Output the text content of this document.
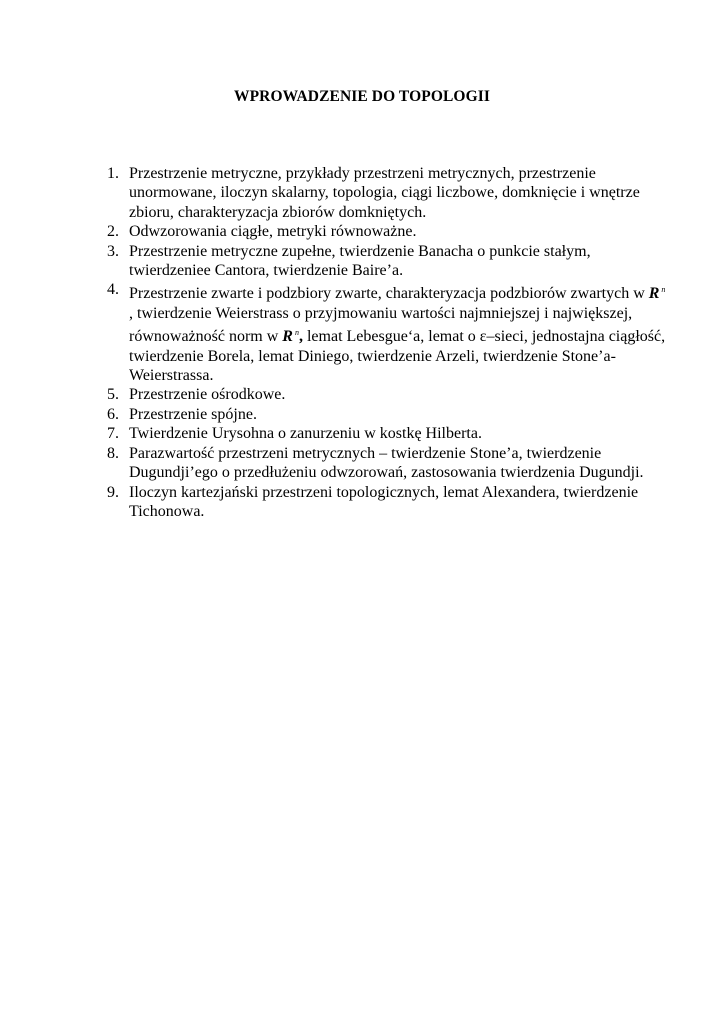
WPROWADZENIE DO TOPOLOGII
1. Przestrzenie metryczne, przykłady przestrzeni metrycznych, przestrzenie unormowane, iloczyn skalarny, topologia, ciągi liczbowe, domknięcie i wnętrze zbioru, charakteryzacja zbiorów domkniętych.
2. Odwzorowania ciągłe, metryki równoważne.
3. Przestrzenie metryczne zupełne, twierdzenie Banacha o punkcie stałym, twierdzeniee Cantora, twierdzenie Baire’a.
4. Przestrzenie zwarte i podzbiory zwarte, charakteryzacja podzbiorów zwartych w R $^n$ , twierdzenie Weierstrass o przyjmowaniu wartości najmniejszej i największej, równoważność norm w R $^n$, lemat Lebesgue‘a, lemat o ε–sieci, jednostajna ciągłość, twierdzenie Borela, lemat Diniego, twierdzenie Arzeli, twierdzenie Stone’a-Weierstrassa.
5. Przestrzenie ośrodkowe.
6. Przestrzenie spójne.
7. Twierdzenie Urysohna o zanurzeniu w kostkę Hilberta.
8. Parazwartość przestrzeni metrycznych – twierdzenie Stone’a, twierdzenie Dugundji’ego o przedłużeniu odwzorowań, zastosowania twierdzenia Dugundji.
9. Iloczyn kartezjański przestrzeni topologicznych, lemat Alexandera, twierdzenie Tichonowa.
